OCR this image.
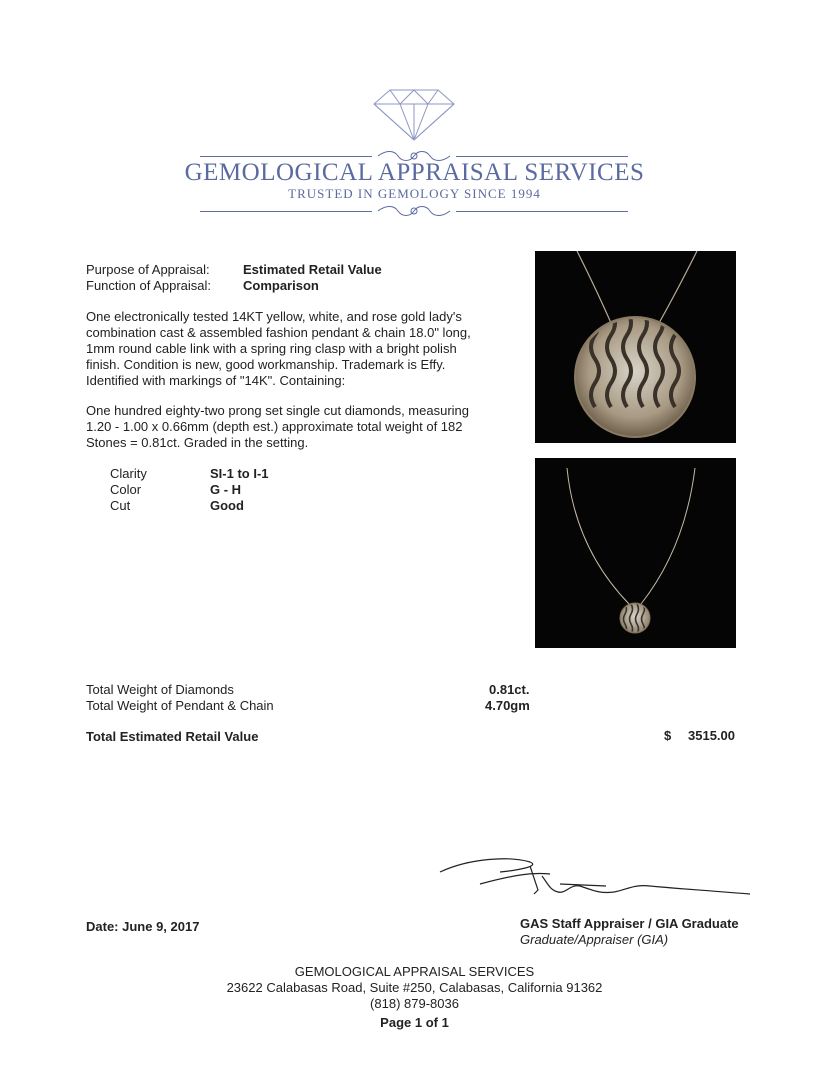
GEMOLOGICAL APPRAISAL SERVICES
TRUSTED IN GEMOLOGY SINCE 1994
Purpose of Appraisal:	Estimated Retail Value
Function of Appraisal: Comparison
One electronically tested 14KT yellow, white, and rose gold lady's
combination cast & assembled fashion pendant & chain 18.0" long,
1mm round cable link with a spring ring clasp with a bright polish
finish. Condition is new, good workmanship. Trademark is Effy.
Identified with markings of "14K". Containing:
One hundred eighty-two prong set single cut diamonds, measuring
1.20 - 1.00 x 0.66mm (depth est.) approximate total weight of 182
Stones = 0.81ct. Graded in the setting.
Clarity	SI-1 to I-1
Color	G - H
Cut	Good
Total Weight of Diamonds	0.81ct.
Total Weight of Pendant & Chain	4.70gm
Total Estimated Retail Value	$ 3515.00
Date: June 9, 2017	GAS Staff Appraiser / GIA Graduate
Graduate/Appraiser (GIA)
GEMOLOGICAL APPRAISAL SERVICES
23622 Calabasas Road, Suite #250, Calabasas, California 91362
(818) 879-8036
Page 1 of 1
